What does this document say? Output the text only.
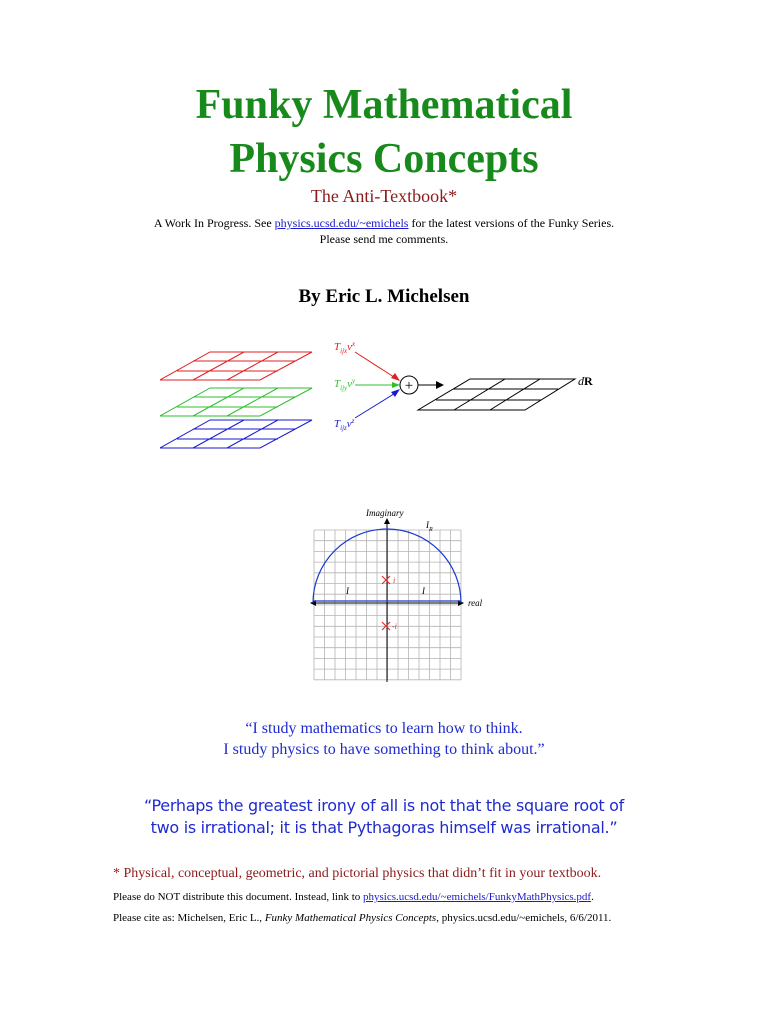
Funky Mathematical
Physics Concepts
The Anti-Textbook*
A Work In Progress. See physics.ucsd.edu/~emichels for the latest versions of the Funky Series.
Please send me comments.
By Eric L. Michelsen
+
$T_{ijx}v^x$
$T_{ijy}v^y$
$T_{ijz}v^z$
dR
Imaginary
$I_R$
I	I
real
i
-i
“I study mathematics to learn how to think.
I study physics to have something to think about.”
“Perhaps the greatest irony of all is not that the square root of
two is irrational; it is that Pythagoras himself was irrational.”
* Physical, conceptual, geometric, and pictorial physics that didn’t fit in your textbook.
Please do NOT distribute this document. Instead, link to physics.ucsd.edu/~emichels/FunkyMathPhysics.pdf.
Please cite as: Michelsen, Eric L., Funky Mathematical Physics Concepts, physics.ucsd.edu/~emichels, 6/6/2011.
